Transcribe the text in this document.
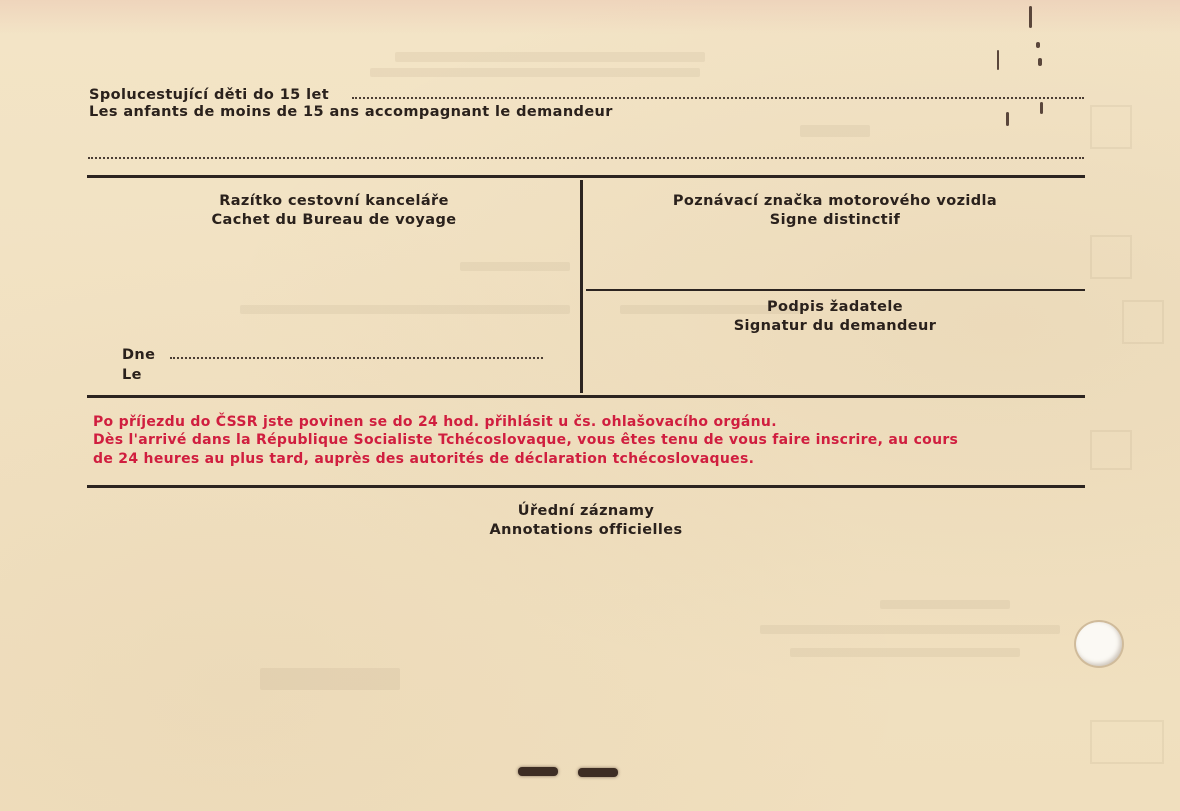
Spolucestující děti do 15 let
Les anfants de moins de 15 ans accompagnant le demandeur
Razítko cestovní kanceláře
Cachet du Bureau de voyage
Dne
Le
Poznávací značka motorového vozidla
Signe distinctif
Podpis žadatele
Signatur du demandeur
Po příjezdu do ČSSR jste povinen se do 24 hod. přihlásit u čs. ohlašovacího orgánu.
Dès l'arrivé dans la République Socialiste Tchécoslovaque, vous êtes tenu de vous faire inscrire, au cours
de 24 heures au plus tard, auprès des autorités de déclaration tchécoslovaques.
Úřední záznamy
Annotations officielles
